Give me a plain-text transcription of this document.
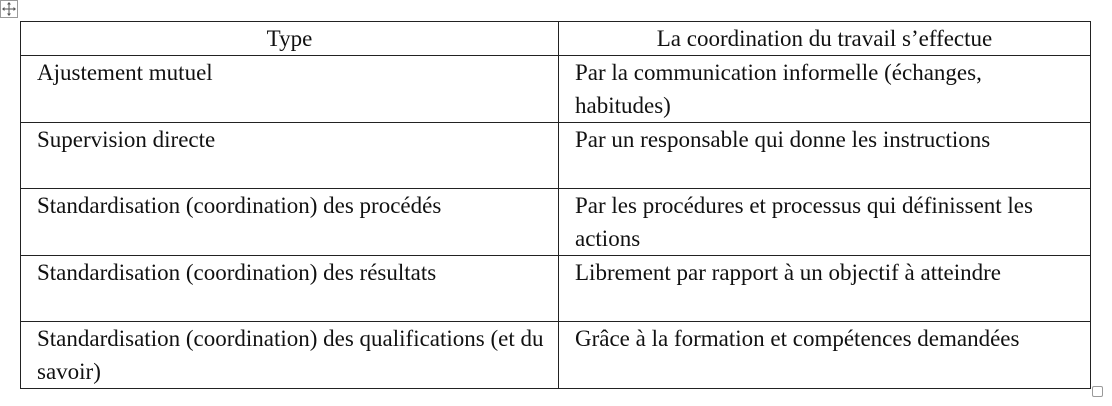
Type	La coordination du travail s’effectue
Ajustement mutuel	Par la communication informelle (échanges, habitudes)
Supervision directe	Par un responsable qui donne les instructions
Standardisation (coordination) des procédés	Par les procédures et processus qui définissent les actions
Standardisation (coordination) des résultats	Librement par rapport à un objectif à atteindre
Standardisation (coordination) des qualifications (et du savoir)	Grâce à la formation et compétences demandées
